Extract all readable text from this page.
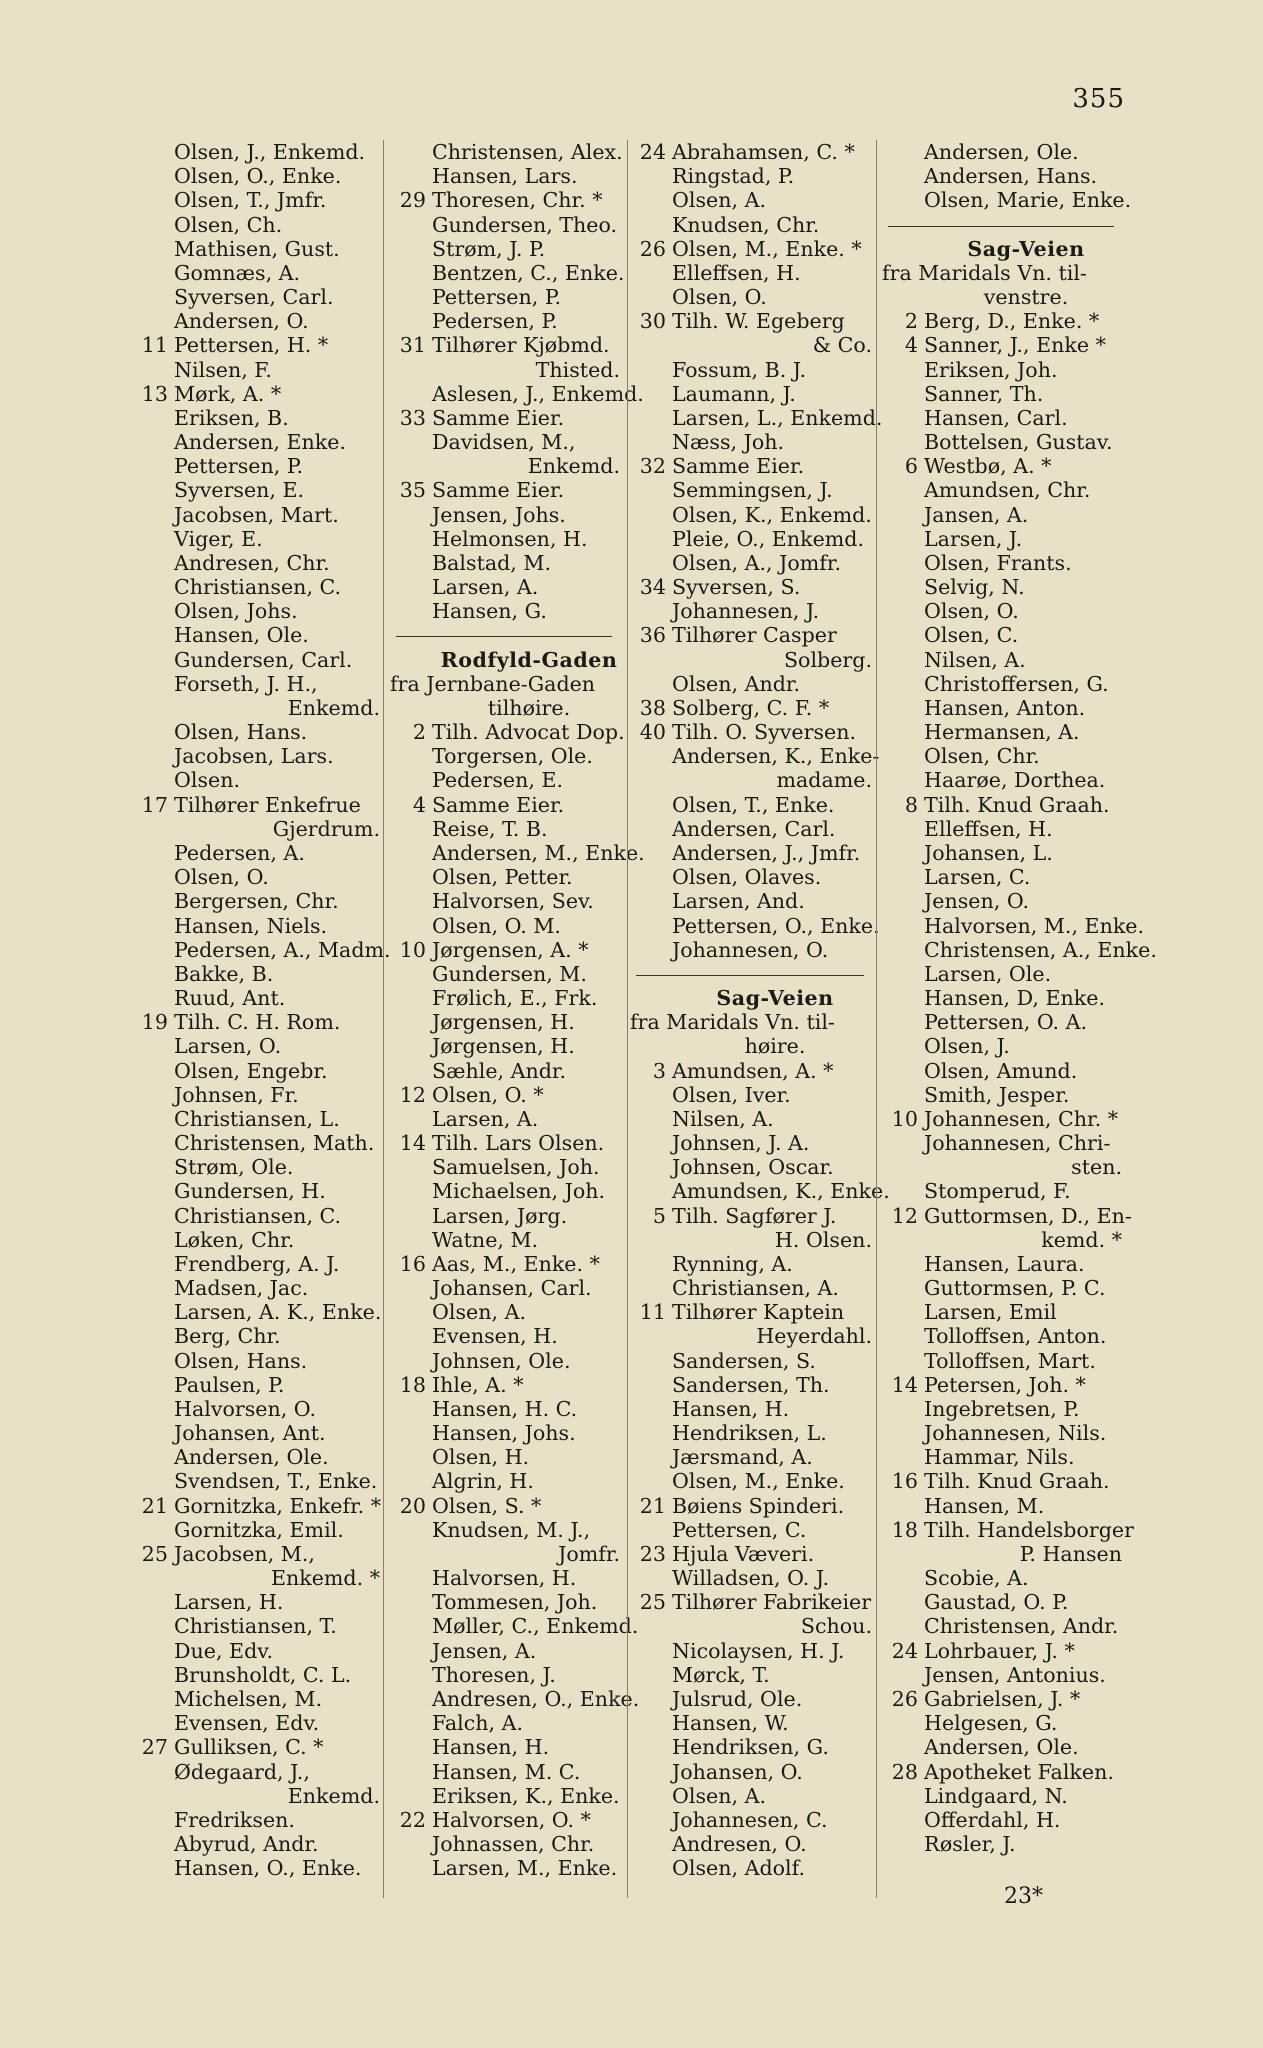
355
Olsen, J., Enkemd.
Olsen, O., Enke.
Olsen, T., Jmfr.
Olsen, Ch.
Mathisen, Gust.
Gomnæs, A.
Syversen, Carl.
Andersen, O.
11 Pettersen, H. *
Nilsen, F.
13 Mørk, A. *
Eriksen, B.
Andersen, Enke.
Pettersen, P.
Syversen, E.
Jacobsen, Mart.
Viger, E.
Andresen, Chr.
Christiansen, C.
Olsen, Johs.
Hansen, Ole.
Gundersen, Carl.
Forseth, J. H.,
Enkemd.
Olsen, Hans.
Jacobsen, Lars.
Olsen.
17 Tilhører Enkefrue
Gjerdrum.
Pedersen, A.
Olsen, O.
Bergersen, Chr.
Hansen, Niels.
Pedersen, A., Madm.
Bakke, B.
Ruud, Ant.
19 Tilh. C. H. Rom.
Larsen, O.
Olsen, Engebr.
Johnsen, Fr.
Christiansen, L.
Christensen, Math.
Strøm, Ole.
Gundersen, H.
Christiansen, C.
Løken, Chr.
Frendberg, A. J.
Madsen, Jac.
Larsen, A. K., Enke.
Berg, Chr.
Olsen, Hans.
Paulsen, P.
Halvorsen, O.
Johansen, Ant.
Andersen, Ole.
Svendsen, T., Enke.
21 Gornitzka, Enkefr. *
Gornitzka, Emil.
25 Jacobsen, M.,
Enkemd. *
Larsen, H.
Christiansen, T.
Due, Edv.
Brunsholdt, C. L.
Michelsen, M.
Evensen, Edv.
27 Gulliksen, C. *
Ødegaard, J.,
Enkemd.
Fredriksen.
Abyrud, Andr.
Hansen, O., Enke.
Christensen, Alex.
Hansen, Lars.
29 Thoresen, Chr. *
Gundersen, Theo.
Strøm, J. P.
Bentzen, C., Enke.
Pettersen, P.
Pedersen, P.
31 Tilhører Kjøbmd.
Thisted.
Aslesen, J., Enkemd.
33 Samme Eier.
Davidsen, M.,
Enkemd.
35 Samme Eier.
Jensen, Johs.
Helmonsen, H.
Balstad, M.
Larsen, A.
Hansen, G.
Rodfyld-Gaden
fra Jernbane-Gaden
tilhøire.
2 Tilh. Advocat Dop.
Torgersen, Ole.
Pedersen, E.
4 Samme Eier.
Reise, T. B.
Andersen, M., Enke.
Olsen, Petter.
Halvorsen, Sev.
Olsen, O. M.
10 Jørgensen, A. *
Gundersen, M.
Frølich, E., Frk.
Jørgensen, H.
Jørgensen, H.
Sæhle, Andr.
12 Olsen, O. *
Larsen, A.
14 Tilh. Lars Olsen.
Samuelsen, Joh.
Michaelsen, Joh.
Larsen, Jørg.
Watne, M.
16 Aas, M., Enke. *
Johansen, Carl.
Olsen, A.
Evensen, H.
Johnsen, Ole.
18 Ihle, A. *
Hansen, H. C.
Hansen, Johs.
Olsen, H.
Algrin, H.
20 Olsen, S. *
Knudsen, M. J.,
Jomfr.
Halvorsen, H.
Tommesen, Joh.
Møller, C., Enkemd.
Jensen, A.
Thoresen, J.
Andresen, O., Enke.
Falch, A.
Hansen, H.
Hansen, M. C.
Eriksen, K., Enke.
22 Halvorsen, O. *
Johnassen, Chr.
Larsen, M., Enke.
24 Abrahamsen, C. *
Ringstad, P.
Olsen, A.
Knudsen, Chr.
26 Olsen, M., Enke. *
Elleffsen, H.
Olsen, O.
30 Tilh. W. Egeberg
& Co.
Fossum, B. J.
Laumann, J.
Larsen, L., Enkemd.
Næss, Joh.
32 Samme Eier.
Semmingsen, J.
Olsen, K., Enkemd.
Pleie, O., Enkemd.
Olsen, A., Jomfr.
34 Syversen, S.
Johannesen, J.
36 Tilhører Casper
Solberg.
Olsen, Andr.
38 Solberg, C. F. *
40 Tilh. O. Syversen.
Andersen, K., Enke-
madame.
Olsen, T., Enke.
Andersen, Carl.
Andersen, J., Jmfr.
Olsen, Olaves.
Larsen, And.
Pettersen, O., Enke.
Johannesen, O.
Sag-Veien
fra Maridals Vn. til-
høire.
3 Amundsen, A. *
Olsen, Iver.
Nilsen, A.
Johnsen, J. A.
Johnsen, Oscar.
Amundsen, K., Enke.
5 Tilh. Sagfører J.
H. Olsen.
Rynning, A.
Christiansen, A.
11 Tilhører Kaptein
Heyerdahl.
Sandersen, S.
Sandersen, Th.
Hansen, H.
Hendriksen, L.
Jærsmand, A.
Olsen, M., Enke.
21 Bøiens Spinderi.
Pettersen, C.
23 Hjula Væveri.
Willadsen, O. J.
25 Tilhører Fabrikeier
Schou.
Nicolaysen, H. J.
Mørck, T.
Julsrud, Ole.
Hansen, W.
Hendriksen, G.
Johansen, O.
Olsen, A.
Johannesen, C.
Andresen, O.
Olsen, Adolf.
Andersen, Ole.
Andersen, Hans.
Olsen, Marie, Enke.
Sag-Veien
fra Maridals Vn. til-
venstre.
2 Berg, D., Enke. *
4 Sanner, J., Enke *
Eriksen, Joh.
Sanner, Th.
Hansen, Carl.
Bottelsen, Gustav.
6 Westbø, A. *
Amundsen, Chr.
Jansen, A.
Larsen, J.
Olsen, Frants.
Selvig, N.
Olsen, O.
Olsen, C.
Nilsen, A.
Christoffersen, G.
Hansen, Anton.
Hermansen, A.
Olsen, Chr.
Haarøe, Dorthea.
8 Tilh. Knud Graah.
Elleffsen, H.
Johansen, L.
Larsen, C.
Jensen, O.
Halvorsen, M., Enke.
Christensen, A., Enke.
Larsen, Ole.
Hansen, D, Enke.
Pettersen, O. A.
Olsen, J.
Olsen, Amund.
Smith, Jesper.
10 Johannesen, Chr. *
Johannesen, Chri-
sten.
Stomperud, F.
12 Guttormsen, D., En-
kemd. *
Hansen, Laura.
Guttormsen, P. C.
Larsen, Emil
Tolloffsen, Anton.
Tolloffsen, Mart.
14 Petersen, Joh. *
Ingebretsen, P.
Johannesen, Nils.
Hammar, Nils.
16 Tilh. Knud Graah.
Hansen, M.
18 Tilh. Handelsborger
P. Hansen
Scobie, A.
Gaustad, O. P.
Christensen, Andr.
24 Lohrbauer, J. *
Jensen, Antonius.
26 Gabrielsen, J. *
Helgesen, G.
Andersen, Ole.
28 Apotheket Falken.
Lindgaard, N.
Offerdahl, H.
Røsler, J.
23*
